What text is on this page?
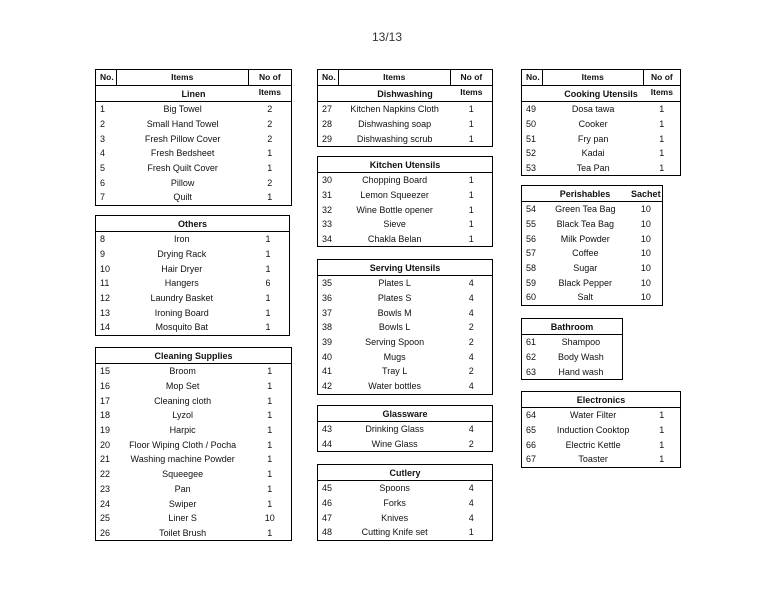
13/13
No.	Items	No of Items
Linen
1	Big Towel	2
2	Small Hand Towel	2
3	Fresh Pillow Cover	2
4	Fresh Bedsheet	1
5	Fresh Quilt Cover	1
6	Pillow	2
7	Quilt	1
Others
8	Iron	1
9	Drying Rack	1
10	Hair Dryer	1
11	Hangers	6
12	Laundry Basket	1
13	Ironing Board	1
14	Mosquito Bat	1
Cleaning Supplies
15	Broom	1
16	Mop Set	1
17	Cleaning cloth	1
18	Lyzol	1
19	Harpic	1
20	Floor Wiping Cloth / Pocha	1
21	Washing machine Powder	1
22	Squeegee	1
23	Pan	1
24	Swiper	1
25	Liner S	10
26	Toilet Brush	1
No.	Items	No of Items
Dishwashing
27	Kitchen Napkins Cloth	1
28	Dishwashing soap	1
29	Dishwashing scrub	1
Kitchen Utensils
30	Chopping Board	1
31	Lemon Squeezer	1
32	Wine Bottle opener	1
33	Sieve	1
34	Chakla Belan	1
Serving Utensils
35	Plates L	4
36	Plates S	4
37	Bowls M	4
38	Bowls L	2
39	Serving Spoon	2
40	Mugs	4
41	Tray L	2
42	Water bottles	4
Glassware
43	Drinking Glass	4
44	Wine Glass	2
Cutlery
45	Spoons	4
46	Forks	4
47	Knives	4
48	Cutting Knife set	1
No.	Items	No of Items
Cooking Utensils
49	Dosa tawa	1
50	Cooker	1
51	Fry pan	1
52	Kadai	1
53	Tea Pan	1
Perishables	Sachet
54	Green Tea Bag	10
55	Black Tea Bag	10
56	Milk Powder	10
57	Coffee	10
58	Sugar	10
59	Black Pepper	10
60	Salt	10
Bathroom
61	Shampoo
62	Body Wash
63	Hand wash
Electronics
64	Water Filter	1
65	Induction Cooktop	1
66	Electric Kettle	1
67	Toaster	1
